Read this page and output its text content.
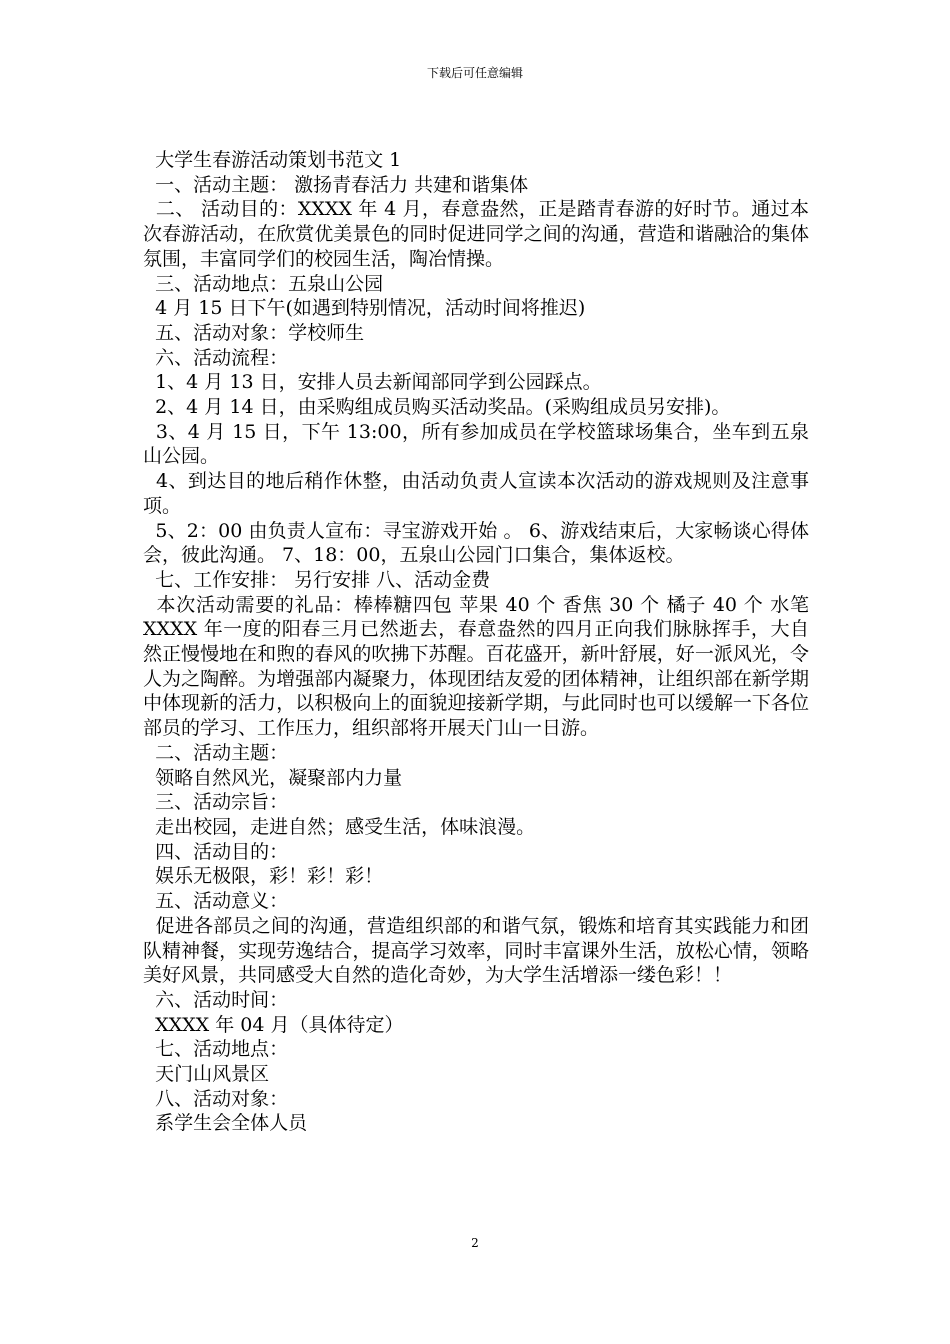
下载后可任意编辑

大学生春游活动策划书范文 1

一、活动主题： 激扬青春活力 共建和谐集体

二、 活动目的：XXXX 年 4 月，春意盎然，正是踏青春游的好时节。通过本次春游活动，在欣赏优美景色的同时促进同学之间的沟通，营造和谐融洽的集体氛围，丰富同学们的校园生活，陶冶情操。

三、活动地点：五泉山公园

4 月 15 日下午(如遇到特别情况，活动时间将推迟)

五、活动对象：学校师生

六、活动流程：

1、4 月 13 日，安排人员去新闻部同学到公园踩点。

2、4 月 14 日，由采购组成员购买活动奖品。(采购组成员另安排)。

3、4 月 15 日，下午 13:00，所有参加成员在学校篮球场集合，坐车到五泉山公园。

4、到达目的地后稍作休整，由活动负责人宣读本次活动的游戏规则及注意事项。

5、2：00 由负责人宣布：寻宝游戏开始 。 6、游戏结束后，大家畅谈心得体会，彼此沟通。 7、18：00，五泉山公园门口集合，集体返校。

七、工作安排： 另行安排 八、活动金费

本次活动需要的礼品：棒棒糖四包 苹果 40 个 香焦 30 个 橘子 40 个 水笔 XXXX 年一度的阳春三月已然逝去，春意盎然的四月正向我们脉脉挥手，大自然正慢慢地在和煦的春风的吹拂下苏醒。百花盛开，新叶舒展，好一派风光，令人为之陶醉。为增强部内凝聚力，体现团结友爱的团体精神，让组织部在新学期中体现新的活力，以积极向上的面貌迎接新学期，与此同时也可以缓解一下各位部员的学习、工作压力，组织部将开展天门山一日游。

二、活动主题：

领略自然风光，凝聚部内力量

三、活动宗旨：

走出校园，走进自然；感受生活，体味浪漫。

四、活动目的：

娱乐无极限，彩！彩！彩！

五、活动意义：

促进各部员之间的沟通，营造组织部的和谐气氛，锻炼和培育其实践能力和团队精神餐，实现劳逸结合，提高学习效率，同时丰富课外生活，放松心情，领略美好风景，共同感受大自然的造化奇妙，为大学生活增添一缕色彩！！

六、活动时间：

XXXX 年 04 月（具体待定）

七、活动地点：

天门山风景区

八、活动对象：

系学生会全体人员

2
